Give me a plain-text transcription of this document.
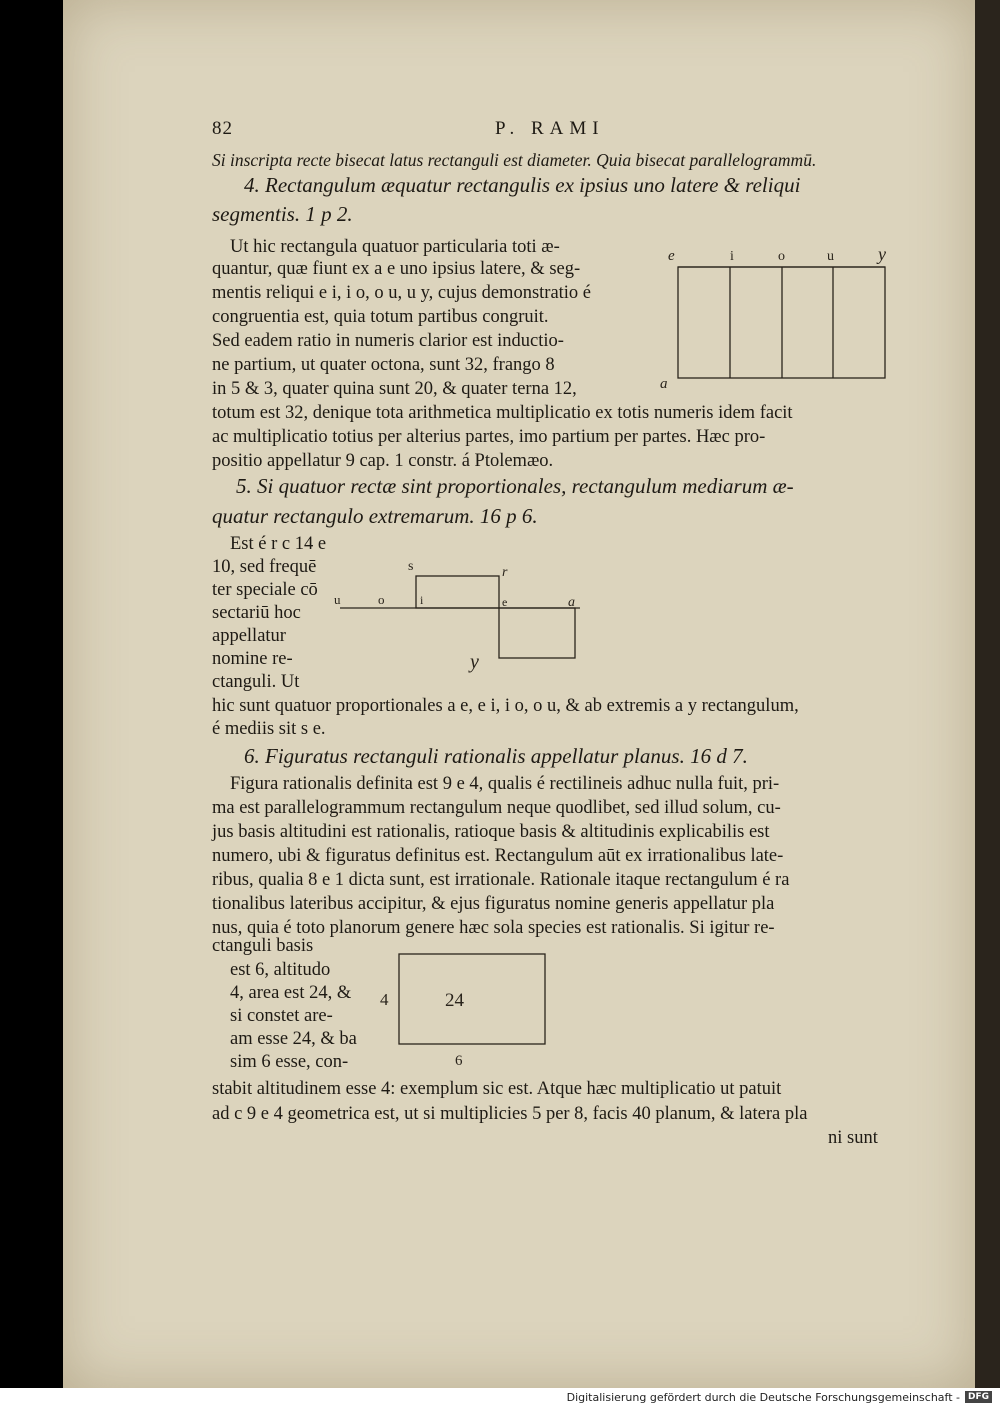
82	P. RAMI
Si inscripta recte bisecat latus rectanguli est diameter. Quia bisecat parallelogrammū.
4. Rectangulum æquatur rectangulis ex ipsius uno latere & reliqui
segmentis. 1 p 2.
Ut hic rectangula quatuor particularia toti æ-
quantur, quæ fiunt ex a e uno ipsius latere, & seg-
mentis reliqui e i, i o, o u, u y, cujus demonstratio é
congruentia est, quia totum partibus congruit.
Sed eadem ratio in numeris clarior est inductio-
ne partium, ut quater octona, sunt 32, frango 8
in 5 & 3, quater quina sunt 20, & quater terna 12,
totum est 32, denique tota arithmetica multiplicatio ex totis numeris idem facit
ac multiplicatio totius per alterius partes, imo partium per partes. Hæc pro-
positio appellatur 9 cap. 1 constr. á Ptolemæo.
5. Si quatuor rectæ sint proportionales, rectangulum mediarum æ-
quatur rectangulo extremarum. 16 p 6.
Est é r c 14 e
10, sed frequē
ter speciale cō
sectariū hoc
appellatur
nomine re-
ctanguli. Ut
hic sunt quatuor proportionales a e, e i, i o, o u, & ab extremis a y rectangulum,
é mediis sit s e.
6. Figuratus rectanguli rationalis appellatur planus. 16 d 7.
Figura rationalis definita est 9 e 4, qualis é rectilineis adhuc nulla fuit, pri-
ma est parallelogrammum rectangulum neque quodlibet, sed illud solum, cu-
jus basis altitudini est rationalis, ratioque basis & altitudinis explicabilis est
numero, ubi & figuratus definitus est. Rectangulum aūt ex irrationalibus late-
ribus, qualia 8 e 1 dicta sunt, est irrationale. Rationale itaque rectangulum é ra
tionalibus lateribus accipitur, & ejus figuratus nomine generis appellatur pla
nus, quia é toto planorum genere hæc sola species est rationalis. Si igitur re-
ctanguli basis
est 6, altitudo
4, area est 24, &
si constet are-
am esse 24, & ba
sim 6 esse, con-
stabit altitudinem esse 4: exemplum sic est. Atque hæc multiplicatio ut patuit
ad c 9 e 4 geometrica est, ut si multiplicies 5 per 8, facis 40 planum, & latera pla
ni sunt
e	i	o	u y
a
s	r
u	o	i	e	a
y
24
4
6
Digitalisierung gefördert durch die Deutsche Forschungsgemeinschaft - DFG
